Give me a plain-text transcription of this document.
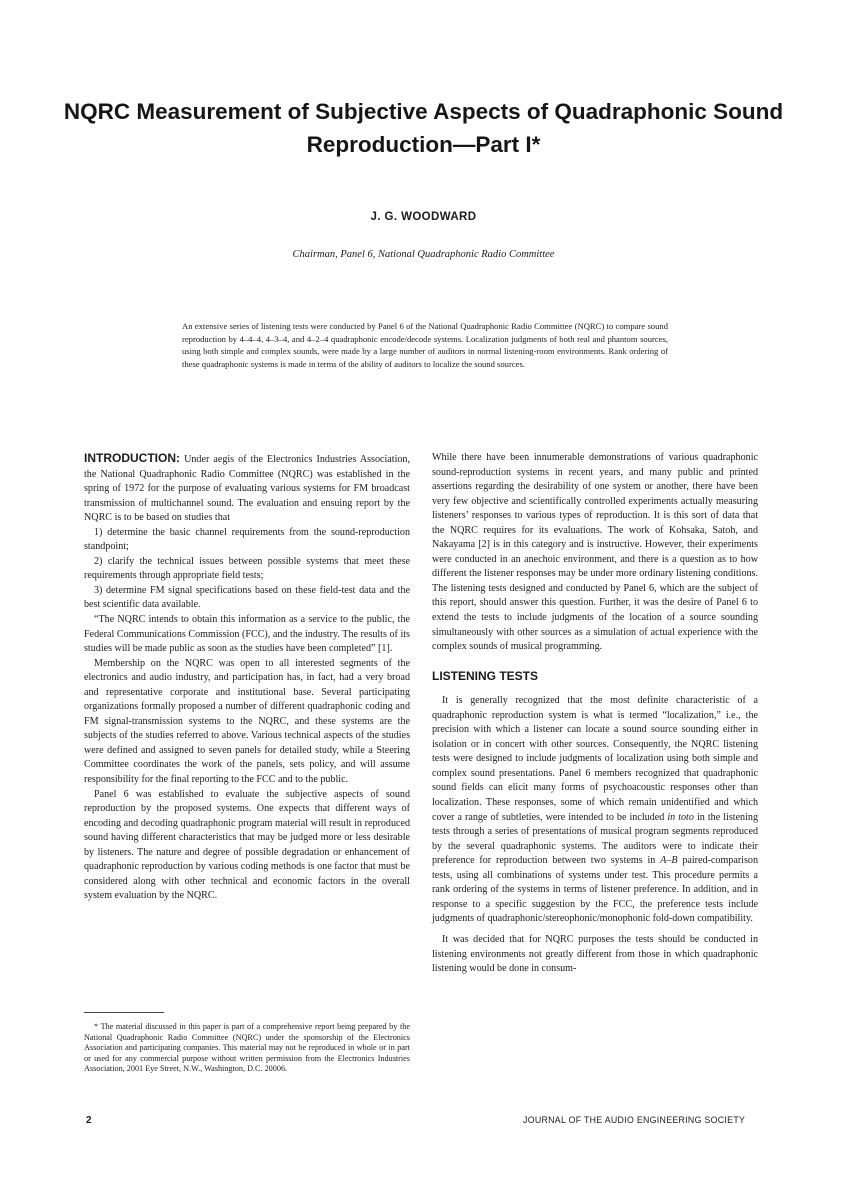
NQRC Measurement of Subjective Aspects of Quadraphonic Sound Reproduction—Part I*
J. G. WOODWARD
Chairman, Panel 6, National Quadraphonic Radio Committee
An extensive series of listening tests were conducted by Panel 6 of the National Quadraphonic Radio Committee (NQRC) to compare sound reproduction by 4–4–4, 4–3–4, and 4–2–4 quadraphonic encode/decode systems. Localization judgments of both real and phantom sources, using both simple and complex sounds, were made by a large number of auditors in normal listening-room environments. Rank ordering of these quadraphonic systems is made in terms of the ability of auditors to localize the sound sources.

INTRODUCTION: Under aegis of the Electronics Industries Association, the National Quadraphonic Radio Committee (NQRC) was established in the spring of 1972 for the purpose of evaluating various systems for FM broadcast transmission of multichannel sound. The evaluation and ensuing report by the NQRC is to be based on studies that

1) determine the basic channel requirements from the sound-reproduction standpoint;

2) clarify the technical issues between possible systems that meet these requirements through appropriate field tests;

3) determine FM signal specifications based on these field-test data and the best scientific data available.

“The NQRC intends to obtain this information as a service to the public, the Federal Communications Commission (FCC), and the industry. The results of its studies will be made public as soon as the studies have been completed” [1].

Membership on the NQRC was open to all interested segments of the electronics and audio industry, and participation has, in fact, had a very broad and representative corporate and institutional base. Several participating organizations formally proposed a number of different quadraphonic coding and FM signal-transmission systems to the NQRC, and these systems are the subjects of the studies referred to above. Various technical aspects of the studies were defined and assigned to seven panels for detailed study, while a Steering Committee coordinates the work of the panels, sets policy, and will assume responsibility for the final reporting to the FCC and to the public.

Panel 6 was established to evaluate the subjective aspects of sound reproduction by the proposed systems. One expects that different ways of encoding and decoding quadraphonic program material will result in reproduced sound having different characteristics that may be judged more or less desirable by listeners. The nature and degree of possible degradation or enhancement of quadraphonic reproduction by various coding methods is one factor that must be considered along with other technical and economic factors in the overall system evaluation by the NQRC.

While there have been innumerable demonstrations of various quadraphonic sound-reproduction systems in recent years, and many public and printed assertions regarding the desirability of one system or another, there have been very few objective and scientifically controlled experiments actually measuring listeners’ responses to various types of reproduction. It is this sort of data that the NQRC requires for its evaluations. The work of Kohsaka, Satoh, and Nakayama [2] is in this category and is instructive. However, their experiments were conducted in an anechoic environment, and there is a question as to how different the listener responses may be under more ordinary listening conditions. The listening tests designed and conducted by Panel 6, which are the subject of this report, should answer this question. Further, it was the desire of Panel 6 to extend the tests to include judgments of the location of a source sounding simultaneously with other sources as a simulation of actual experience with the complex sounds of musical programming.

LISTENING TESTS

It is generally recognized that the most definite characteristic of a quadraphonic reproduction system is what is termed “localization,” i.e., the precision with which a listener can locate a sound source sounding either in isolation or in concert with other sources. Consequently, the NQRC listening tests were designed to include judgments of localization using both simple and complex sound presentations. Panel 6 members recognized that quadraphonic sound fields can elicit many forms of psychoacoustic responses other than localization. These responses, some of which remain unidentified and which cover a range of subtleties, were intended to be included in toto in the listening tests through a series of presentations of musical program segments reproduced by the several quadraphonic systems. The auditors were to indicate their preference for reproduction between two systems in A–B paired-comparison tests, using all combinations of systems under test. This procedure permits a rank ordering of the systems in terms of listener preference. In addition, and in response to a specific suggestion by the FCC, the preference tests include judgments of quadraphonic/stereophonic/monophonic fold-down compatibility.

It was decided that for NQRC purposes the tests should be conducted in listening environments not greatly different from those in which quadraphonic listening would be done in consum-

* The material discussed in this paper is part of a comprehensive report being prepared by the National Quadraphonic Radio Committee (NQRC) under the sponsorship of the Electronics Association and participating companies. This material may not be reproduced in whole or in part or used for any commercial purpose without written permission from the Electronics Industries Association, 2001 Eye Street, N.W., Washington, D.C. 20006.
2	JOURNAL OF THE AUDIO ENGINEERING SOCIETY
